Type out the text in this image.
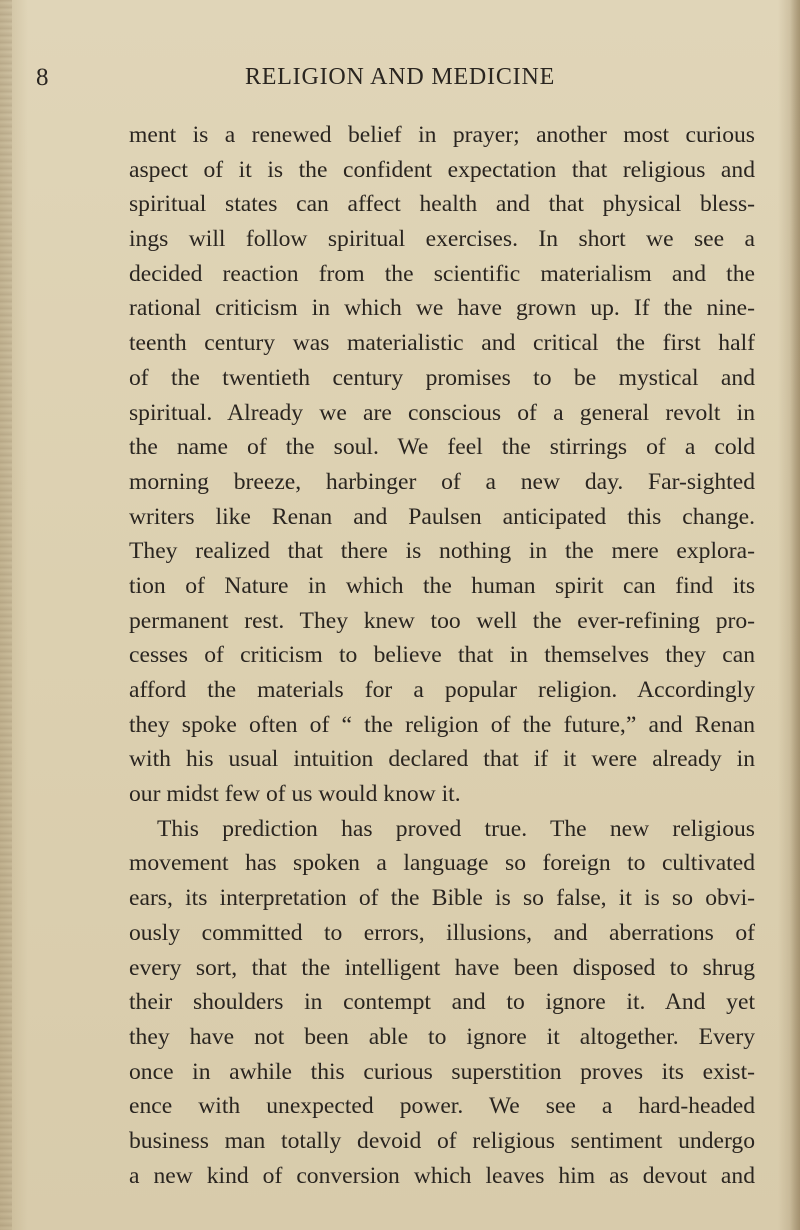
8	RELIGION AND MEDICINE
ment is a renewed belief in prayer; another most curious
aspect of it is the confident expectation that religious and
spiritual states can affect health and that physical bless-
ings will follow spiritual exercises. In short we see a
decided reaction from the scientific materialism and the
rational criticism in which we have grown up. If the nine-
teenth century was materialistic and critical the first half
of the twentieth century promises to be mystical and
spiritual. Already we are conscious of a general revolt in
the name of the soul. We feel the stirrings of a cold
morning breeze, harbinger of a new day. Far-sighted
writers like Renan and Paulsen anticipated this change.
They realized that there is nothing in the mere explora-
tion of Nature in which the human spirit can find its
permanent rest. They knew too well the ever-refining pro-
cesses of criticism to believe that in themselves they can
afford the materials for a popular religion. Accordingly
they spoke often of “ the religion of the future,” and Renan
with his usual intuition declared that if it were already in
our midst few of us would know it.
This prediction has proved true. The new religious
movement has spoken a language so foreign to cultivated
ears, its interpretation of the Bible is so false, it is so obvi-
ously committed to errors, illusions, and aberrations of
every sort, that the intelligent have been disposed to shrug
their shoulders in contempt and to ignore it. And yet
they have not been able to ignore it altogether. Every
once in awhile this curious superstition proves its exist-
ence with unexpected power. We see a hard-headed
business man totally devoid of religious sentiment undergo
a new kind of conversion which leaves him as devout and
